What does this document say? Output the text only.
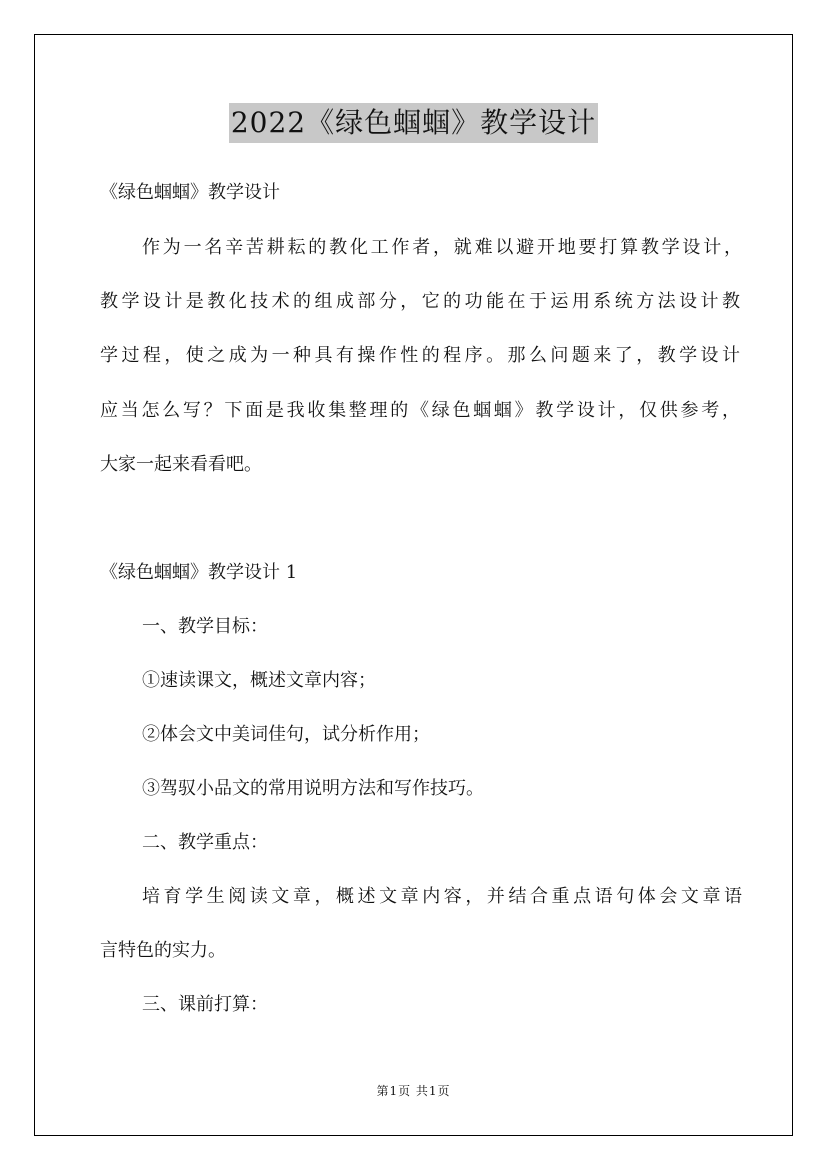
2022《绿色蝈蝈》教学设计

《绿色蝈蝈》教学设计

作为一名辛苦耕耘的教化工作者，就难以避开地要打算教学设计，

教学设计是教化技术的组成部分，它的功能在于运用系统方法设计教

学过程，使之成为一种具有操作性的程序。那么问题来了，教学设计

应当怎么写？下面是我收集整理的《绿色蝈蝈》教学设计，仅供参考，

大家一起来看看吧。

《绿色蝈蝈》教学设计 1

一、教学目标：

①速读课文，概述文章内容；

②体会文中美词佳句，试分析作用；

③驾驭小品文的常用说明方法和写作技巧。

二、教学重点：

培育学生阅读文章，概述文章内容，并结合重点语句体会文章语

言特色的实力。

三、课前打算：

第1页 共1页
